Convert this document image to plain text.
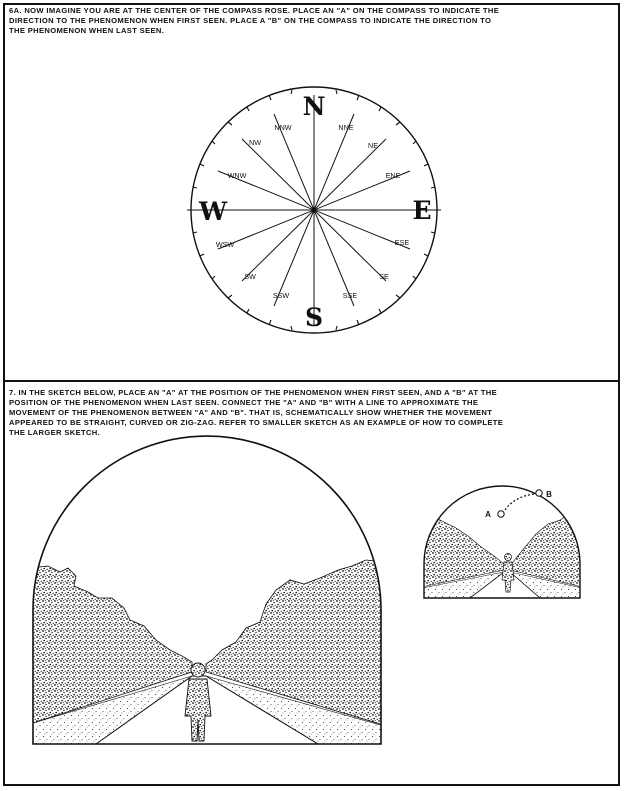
6A. NOW IMAGINE YOU ARE AT THE CENTER OF THE COMPASS ROSE. PLACE AN "A" ON THE COMPASS TO INDICATE THE
DIRECTION TO THE PHENOMENON WHEN FIRST SEEN. PLACE A "B" ON THE COMPASS TO INDICATE THE DIRECTION TO
THE PHENOMENON WHEN LAST SEEN.

7. IN THE SKETCH BELOW, PLACE AN "A" AT THE POSITION OF THE PHENOMENON WHEN FIRST SEEN, AND A "B" AT THE
POSITION OF THE PHENOMENON WHEN LAST SEEN. CONNECT THE "A" AND "B" WITH A LINE TO APPROXIMATE THE
MOVEMENT OF THE PHENOMENON BETWEEN "A" AND "B". THAT IS, SCHEMATICALLY SHOW WHETHER THE MOVEMENT
APPEARED TO BE STRAIGHT, CURVED OR ZIG-ZAG. REFER TO SMALLER SKETCH AS AN EXAMPLE OF HOW TO COMPLETE
THE LARGER SKETCH.

N
E
S
W
NNE
NE
ENE
ESE
SE
SSE
SSW
SW
WSW
WNW
NW
NNW
A
B
